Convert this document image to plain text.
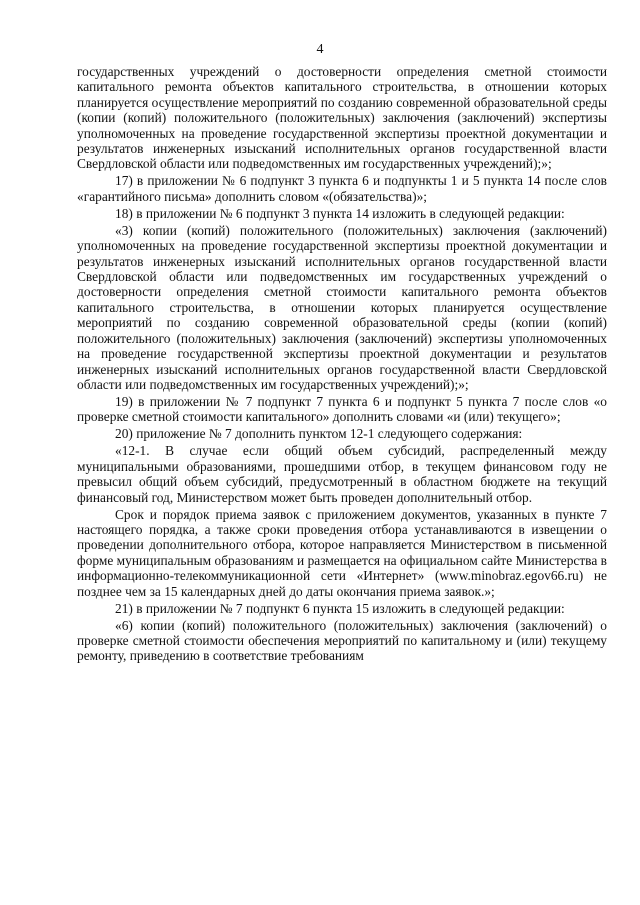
4

государственных учреждений о достоверности определения сметной стоимости капитального ремонта объектов капитального строительства, в отношении которых планируется осуществление мероприятий по созданию современной образовательной среды (копии (копий) положительного (положительных) заключения (заключений) экспертизы уполномоченных на проведение государственной экспертизы проектной документации и результатов инженерных изысканий исполнительных органов государственной власти Свердловской области или подведомственных им государственных учреждений);»;

17) в приложении № 6 подпункт 3 пункта 6 и подпункты 1 и 5 пункта 14 после слов «гарантийного письма» дополнить словом «(обязательства)»;

18) в приложении № 6 подпункт 3 пункта 14 изложить в следующей редакции:

«3) копии (копий) положительного (положительных) заключения (заключений) уполномоченных на проведение государственной экспертизы проектной документации и результатов инженерных изысканий исполнительных органов государственной власти Свердловской области или подведомственных им государственных учреждений о достоверности определения сметной стоимости капитального ремонта объектов капитального строительства, в отношении которых планируется осуществление мероприятий по созданию современной образовательной среды (копии (копий) положительного (положительных) заключения (заключений) экспертизы уполномоченных на проведение государственной экспертизы проектной документации и результатов инженерных изысканий исполнительных органов государственной власти Свердловской области или подведомственных им государственных учреждений);»;

19) в приложении № 7 подпункт 7 пункта 6 и подпункт 5 пункта 7 после слов «о проверке сметной стоимости капитального» дополнить словами «и (или) текущего»;

20) приложение № 7 дополнить пунктом 12-1 следующего содержания:

«12-1. В случае если общий объем субсидий, распределенный между муниципальными образованиями, прошедшими отбор, в текущем финансовом году не превысил общий объем субсидий, предусмотренный в областном бюджете на текущий финансовый год, Министерством может быть проведен дополнительный отбор.

Срок и порядок приема заявок с приложением документов, указанных в пункте 7 настоящего порядка, а также сроки проведения отбора устанавливаются в извещении о проведении дополнительного отбора, которое направляется Министерством в письменной форме муниципальным образованиям и размещается на официальном сайте Министерства в информационно-телекоммуникационной сети «Интернет» (www.minobraz.egov66.ru) не позднее чем за 15 календарных дней до даты окончания приема заявок.»;

21) в приложении № 7 подпункт 6 пункта 15 изложить в следующей редакции:

«6) копии (копий) положительного (положительных) заключения (заключений) о проверке сметной стоимости обеспечения мероприятий по капитальному и (или) текущему ремонту, приведению в соответствие требованиям
